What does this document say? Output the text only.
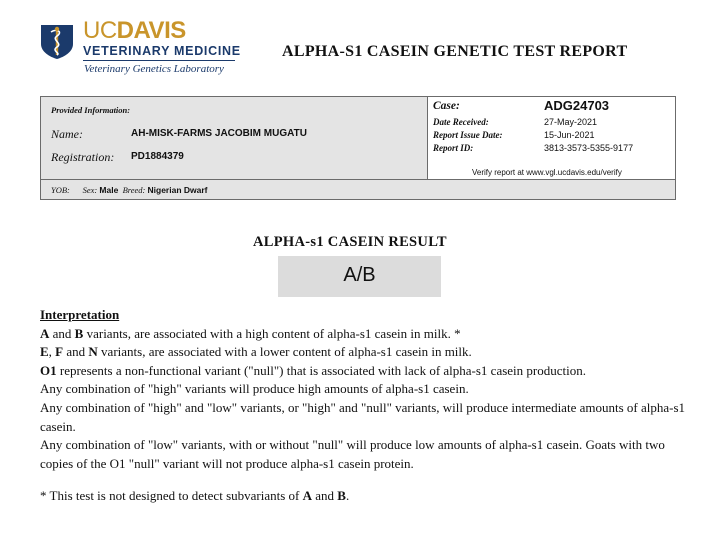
UCDAVIS
VETERINARY MEDICINE
Veterinary Genetics Laboratory
ALPHA-S1 CASEIN GENETIC TEST REPORT
Provided Information:
Name:	AH-MISK-FARMS JACOBIM MUGATU
Registration: PD1884379
Case:	ADG24703
Date Received:	27-May-2021
Report Issue Date:	15-Jun-2021
Report ID:	3813-3573-5355-9177
Verify report at www.vgl.ucdavis.edu/verify
YOB: Sex: Male Breed: Nigerian Dwarf
ALPHA-s1 CASEIN RESULT
A/B

Interpretation

A and B variants, are associated with a high content of alpha-s1 casein in milk. *

E, F and N variants, are associated with a lower content of alpha-s1 casein in milk.

O1 represents a non-functional variant ("null") that is associated with lack of alpha-s1 casein production.

Any combination of "high" variants will produce high amounts of alpha-s1 casein.

Any combination of "high" and "low" variants, or "high" and "null" variants, will produce intermediate amounts of alpha-s1 casein.

Any combination of "low" variants, with or without "null" will produce low amounts of alpha-s1 casein. Goats with two copies of the O1 "null" variant will not produce alpha-s1 casein protein.

* This test is not designed to detect subvariants of A and B.
